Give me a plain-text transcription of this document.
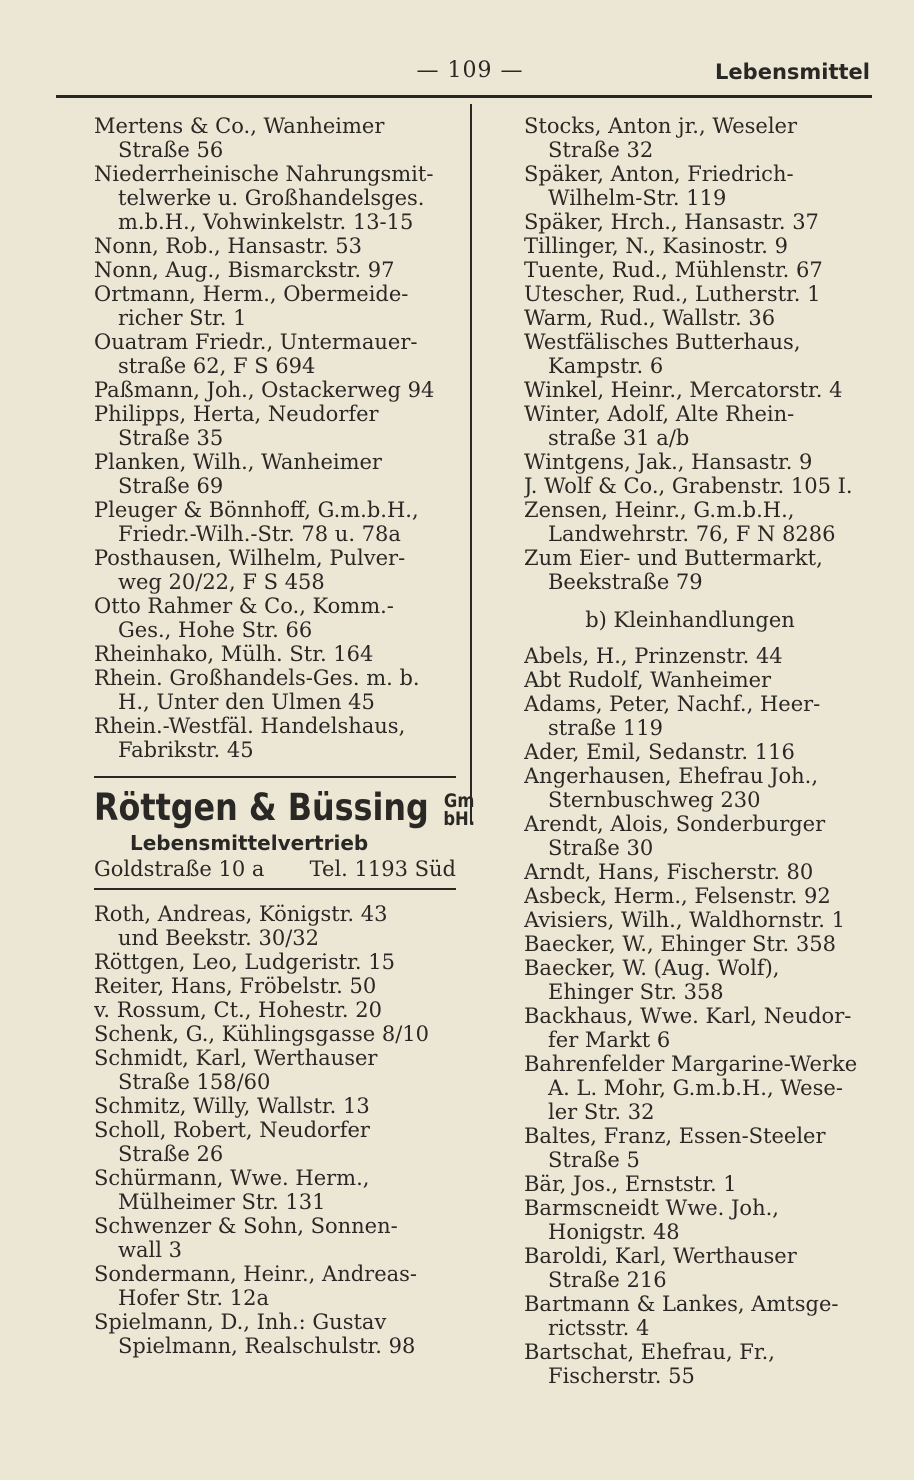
— 109 —	Lebensmittel
Mertens & Co., Wanheimer
Straße 56
Niederrheinische Nahrungsmit-
telwerke u. Großhandelsges.
m.b.H., Vohwinkelstr. 13-15
Nonn, Rob., Hansastr. 53
Nonn, Aug., Bismarckstr. 97
Ortmann, Herm., Obermeide-
richer Str. 1
Ouatram Friedr., Untermauer-
straße 62, F S 694
Paßmann, Joh., Ostackerweg 94
Philipps, Herta, Neudorfer
Straße 35
Planken, Wilh., Wanheimer
Straße 69
Pleuger & Bönnhoff, G.m.b.H.,
Friedr.-Wilh.-Str. 78 u. 78a
Posthausen, Wilhelm, Pulver-
weg 20/22, F S 458
Otto Rahmer & Co., Komm.-
Ges., Hohe Str. 66
Rheinhako, Mülh. Str. 164
Rhein. Großhandels-Ges. m. b.
H., Unter den Ulmen 45
Rhein.-Westfäl. Handelshaus,
Fabrikstr. 45
Röttgen & Büssing Gm
bH.
Lebensmittelvertrieb
Goldstraße 10 a Tel. 1193 Süd
Roth, Andreas, Königstr. 43
und Beekstr. 30/32
Röttgen, Leo, Ludgeristr. 15
Reiter, Hans, Fröbelstr. 50
v. Rossum, Ct., Hohestr. 20
Schenk, G., Kühlingsgasse 8/10
Schmidt, Karl, Werthauser
Straße 158/60
Schmitz, Willy, Wallstr. 13
Scholl, Robert, Neudorfer
Straße 26
Schürmann, Wwe. Herm.,
Mülheimer Str. 131
Schwenzer & Sohn, Sonnen-
wall 3
Sondermann, Heinr., Andreas-
Hofer Str. 12a
Spielmann, D., Inh.: Gustav
Spielmann, Realschulstr. 98
Stocks, Anton jr., Weseler
Straße 32
Späker, Anton, Friedrich-
Wilhelm-Str. 119
Späker, Hrch., Hansastr. 37
Tillinger, N., Kasinostr. 9
Tuente, Rud., Mühlenstr. 67
Utescher, Rud., Lutherstr. 1
Warm, Rud., Wallstr. 36
Westfälisches Butterhaus,
Kampstr. 6
Winkel, Heinr., Mercatorstr. 4
Winter, Adolf, Alte Rhein-
straße 31 a/b
Wintgens, Jak., Hansastr. 9
J. Wolf & Co., Grabenstr. 105 I.
Zensen, Heinr., G.m.b.H.,
Landwehrstr. 76, F N 8286
Zum Eier- und Buttermarkt,
Beekstraße 79
b) Kleinhandlungen
Abels, H., Prinzenstr. 44
Abt Rudolf, Wanheimer
Adams, Peter, Nachf., Heer-
straße 119
Ader, Emil, Sedanstr. 116
Angerhausen, Ehefrau Joh.,
Sternbuschweg 230
Arendt, Alois, Sonderburger
Straße 30
Arndt, Hans, Fischerstr. 80
Asbeck, Herm., Felsenstr. 92
Avisiers, Wilh., Waldhornstr. 1
Baecker, W., Ehinger Str. 358
Baecker, W. (Aug. Wolf),
Ehinger Str. 358
Backhaus, Wwe. Karl, Neudor-
fer Markt 6
Bahrenfelder Margarine-Werke
A. L. Mohr, G.m.b.H., Wese-
ler Str. 32
Baltes, Franz, Essen-Steeler
Straße 5
Bär, Jos., Ernststr. 1
Barmscneidt Wwe. Joh.,
Honigstr. 48
Baroldi, Karl, Werthauser
Straße 216
Bartmann & Lankes, Amtsge-
rictsstr. 4
Bartschat, Ehefrau, Fr.,
Fischerstr. 55
